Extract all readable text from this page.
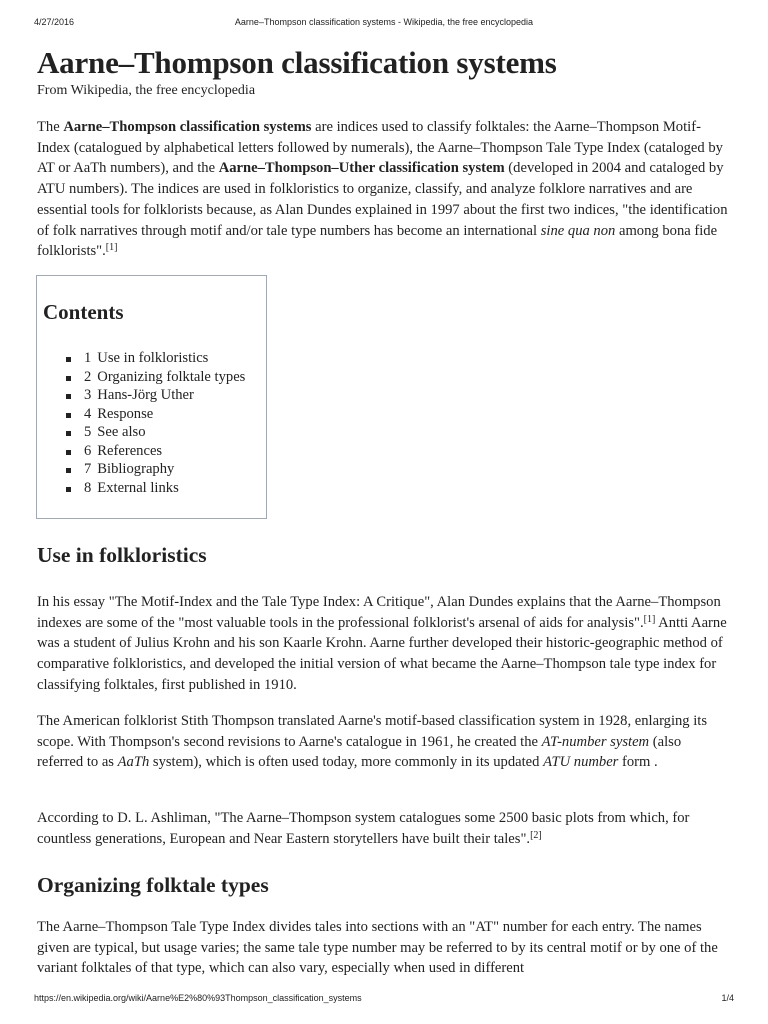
4/27/2016	Aarne–Thompson classification systems - Wikipedia, the free encyclopedia
Aarne–Thompson classification systems
From Wikipedia, the free encyclopedia

The Aarne–Thompson classification systems are indices used to classify folktales: the Aarne–Thompson Motif-Index (catalogued by alphabetical letters followed by numerals), the Aarne–Thompson Tale Type Index (cataloged by AT or AaTh numbers), and the Aarne–Thompson–Uther classification system (developed in 2004 and cataloged by ATU numbers). The indices are used in folkloristics to organize, classify, and analyze folklore narratives and are essential tools for folklorists because, as Alan Dundes explained in 1997 about the first two indices, "the identification of folk narratives through motif and/or tale type numbers has become an international sine qua non among bona fide folklorists".[1]

Contents
1 Use in folkloristics
2 Organizing folktale types
3 Hans-Jörg Uther
4 Response
5 See also
6 References
7 Bibliography
8 External links
Use in folkloristics

In his essay "The Motif-Index and the Tale Type Index: A Critique", Alan Dundes explains that the Aarne–Thompson indexes are some of the "most valuable tools in the professional folklorist's arsenal of aids for analysis".[1] Antti Aarne was a student of Julius Krohn and his son Kaarle Krohn. Aarne further developed their historic-geographic method of comparative folkloristics, and developed the initial version of what became the Aarne–Thompson tale type index for classifying folktales, first published in 1910.

The American folklorist Stith Thompson translated Aarne's motif-based classification system in 1928, enlarging its scope. With Thompson's second revisions to Aarne's catalogue in 1961, he created the AT-number system (also referred to as AaTh system), which is often used today, more commonly in its updated ATU number form .

According to D. L. Ashliman, "The Aarne–Thompson system catalogues some 2500 basic plots from which, for countless generations, European and Near Eastern storytellers have built their tales".[2]

Organizing folktale types

The Aarne–Thompson Tale Type Index divides tales into sections with an "AT" number for each entry. The names given are typical, but usage varies; the same tale type number may be referred to by its central motif or by one of the variant folktales of that type, which can also vary, especially when used in different

https://en.wikipedia.org/wiki/Aarne%E2%80%93Thompson_classification_systems	1/4
